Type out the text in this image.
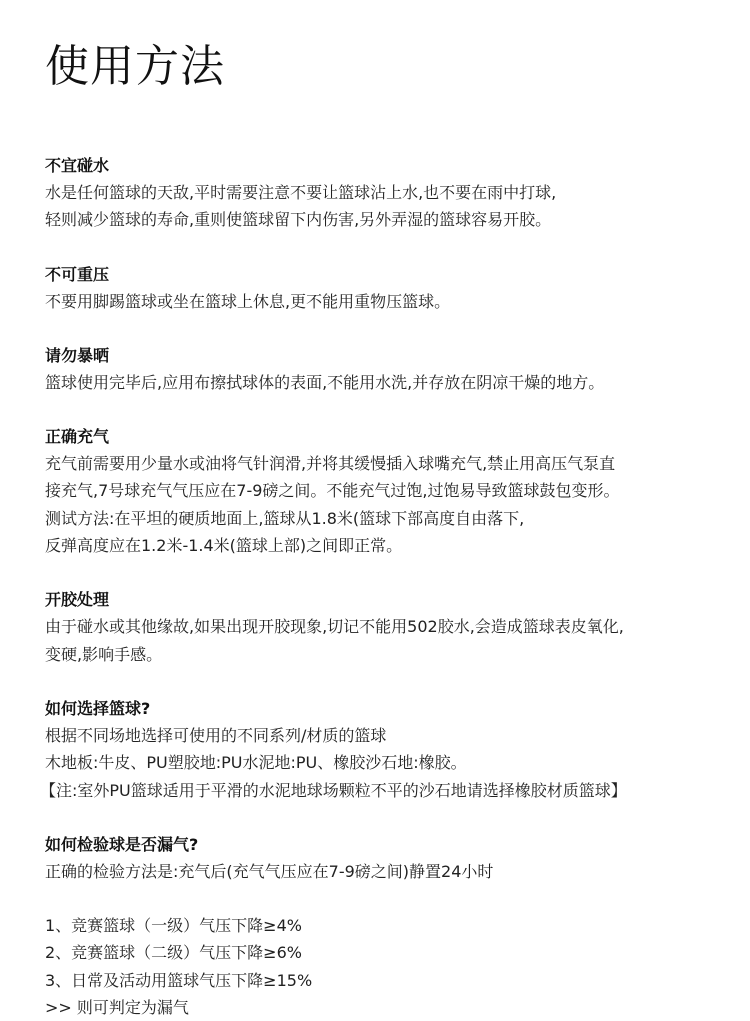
使用方法

不宜碰水

水是任何篮球的天敌,平时需要注意不要让篮球沾上水,也不要在雨中打球,

轻则减少篮球的寿命,重则使篮球留下内伤害,另外弄湿的篮球容易开胶。

不可重压

不要用脚踢篮球或坐在篮球上休息,更不能用重物压篮球。

请勿暴晒

篮球使用完毕后,应用布擦拭球体的表面,不能用水洗,并存放在阴凉干燥的地方。

正确充气

充气前需要用少量水或油将气针润滑,并将其缓慢插入球嘴充气,禁止用高压气泵直

接充气,7号球充气气压应在7-9磅之间。不能充气过饱,过饱易导致篮球鼓包变形。

测试方法:在平坦的硬质地面上,篮球从1.8米(篮球下部高度自由落下,

反弹高度应在1.2米-1.4米(篮球上部)之间即正常。

开胶处理

由于碰水或其他缘故,如果出现开胶现象,切记不能用502胶水,会造成篮球表皮氧化,

变硬,影响手感。

如何选择篮球?

根据不同场地选择可使用的不同系列/材质的篮球

木地板:牛皮、PU塑胶地:PU水泥地:PU、橡胶沙石地:橡胶。

【注:室外PU篮球适用于平滑的水泥地球场颗粒不平的沙石地请选择橡胶材质篮球】

如何检验球是否漏气?

正确的检验方法是:充气后(充气气压应在7-9磅之间)静置24小时

1、竞赛篮球（一级）气压下降≥4%

2、竞赛篮球（二级）气压下降≥6%

3、日常及活动用篮球气压下降≥15%

>> 则可判定为漏气
